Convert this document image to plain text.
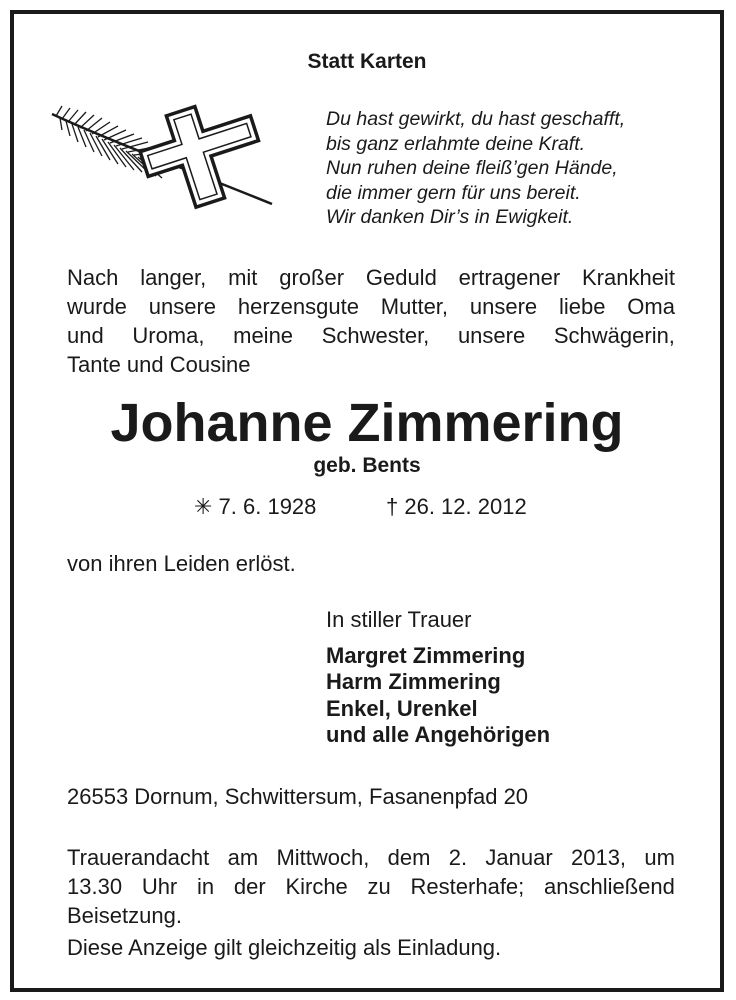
Statt Karten
Du hast gewirkt, du hast geschafft,
bis ganz erlahmte deine Kraft.
Nun ruhen deine fleiß’gen Hände,
die immer gern für uns bereit.
Wir danken Dir’s in Ewigkeit.
Nach langer, mit großer Geduld ertragener Krankheit
wurde unsere herzensgute Mutter, unsere liebe Oma
und Uroma, meine Schwester, unsere Schwägerin,
Tante und Cousine
Johanne Zimmering
geb. Bents
✳ 7. 6. 1928	† 26. 12. 2012
von ihren Leiden erlöst.
In stiller Trauer
Margret Zimmering
Harm Zimmering
Enkel, Urenkel
und alle Angehörigen
26553 Dornum, Schwittersum, Fasanenpfad 20
Trauerandacht am Mittwoch, dem 2. Januar 2013, um
13.30 Uhr in der Kirche zu Resterhafe; anschließend
Beisetzung.
Diese Anzeige gilt gleichzeitig als Einladung.
